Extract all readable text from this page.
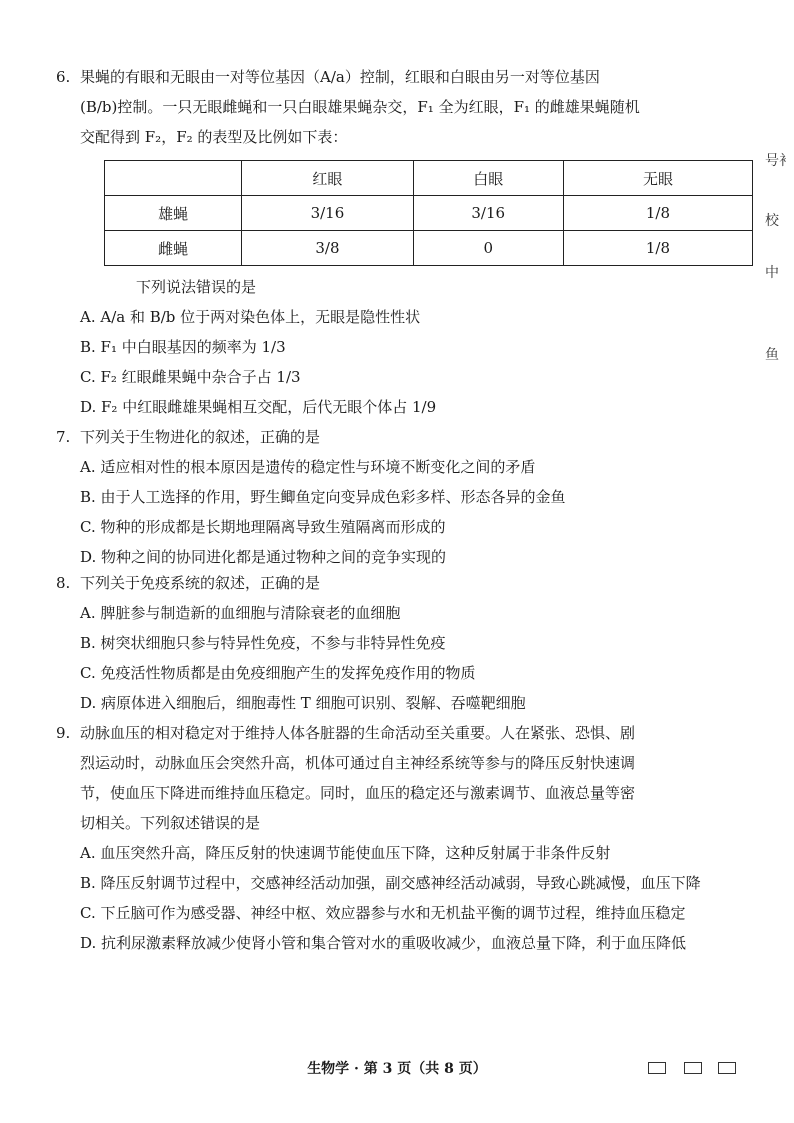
6. 果蝇的有眼和无眼由一对等位基因（A/a）控制，红眼和白眼由另一对等位基因

(B/b)控制。一只无眼雌蝇和一只白眼雄果蝇杂交，F₁ 全为红眼，F₁ 的雌雄果蝇随机

交配得到 F₂，F₂ 的表型及比例如下表：

	红眼	白眼	无眼
雄蝇	3/16	3/16	1/8
雌蝇	3/8	0	1/8

下列说法错误的是

A. A/a 和 B/b 位于两对染色体上，无眼是隐性性状

B. F₁ 中白眼基因的频率为 1/3

C. F₂ 红眼雌果蝇中杂合子占 1/3

D. F₂ 中红眼雌雄果蝇相互交配，后代无眼个体占 1/9

7. 下列关于生物进化的叙述，正确的是

A. 适应相对性的根本原因是遗传的稳定性与环境不断变化之间的矛盾

B. 由于人工选择的作用，野生鲫鱼定向变异成色彩多样、形态各异的金鱼

C. 物种的形成都是长期地理隔离导致生殖隔离而形成的

D. 物种之间的协同进化都是通过物种之间的竞争实现的

8. 下列关于免疫系统的叙述，正确的是

A. 脾脏参与制造新的血细胞与清除衰老的血细胞

B. 树突状细胞只参与特异性免疫，不参与非特异性免疫

C. 免疫活性物质都是由免疫细胞产生的发挥免疫作用的物质

D. 病原体进入细胞后，细胞毒性 T 细胞可识别、裂解、吞噬靶细胞

9. 动脉血压的相对稳定对于维持人体各脏器的生命活动至关重要。人在紧张、恐惧、剧

烈运动时，动脉血压会突然升高，机体可通过自主神经系统等参与的降压反射快速调

节，使血压下降进而维持血压稳定。同时，血压的稳定还与激素调节、血液总量等密

切相关。下列叙述错误的是

A. 血压突然升高，降压反射的快速调节能使血压下降，这种反射属于非条件反射

B. 降压反射调节过程中，交感神经活动加强，副交感神经活动减弱，导致心跳减慢，血压下降

C. 下丘脑可作为感受器、神经中枢、效应器参与水和无机盐平衡的调节过程，维持血压稳定

D. 抗利尿激素释放减少使肾小管和集合管对水的重吸收减少，血液总量下降，利于血压降低

号衤
校
中
鱼
生物学 · 第 3 页（共 8 页）
